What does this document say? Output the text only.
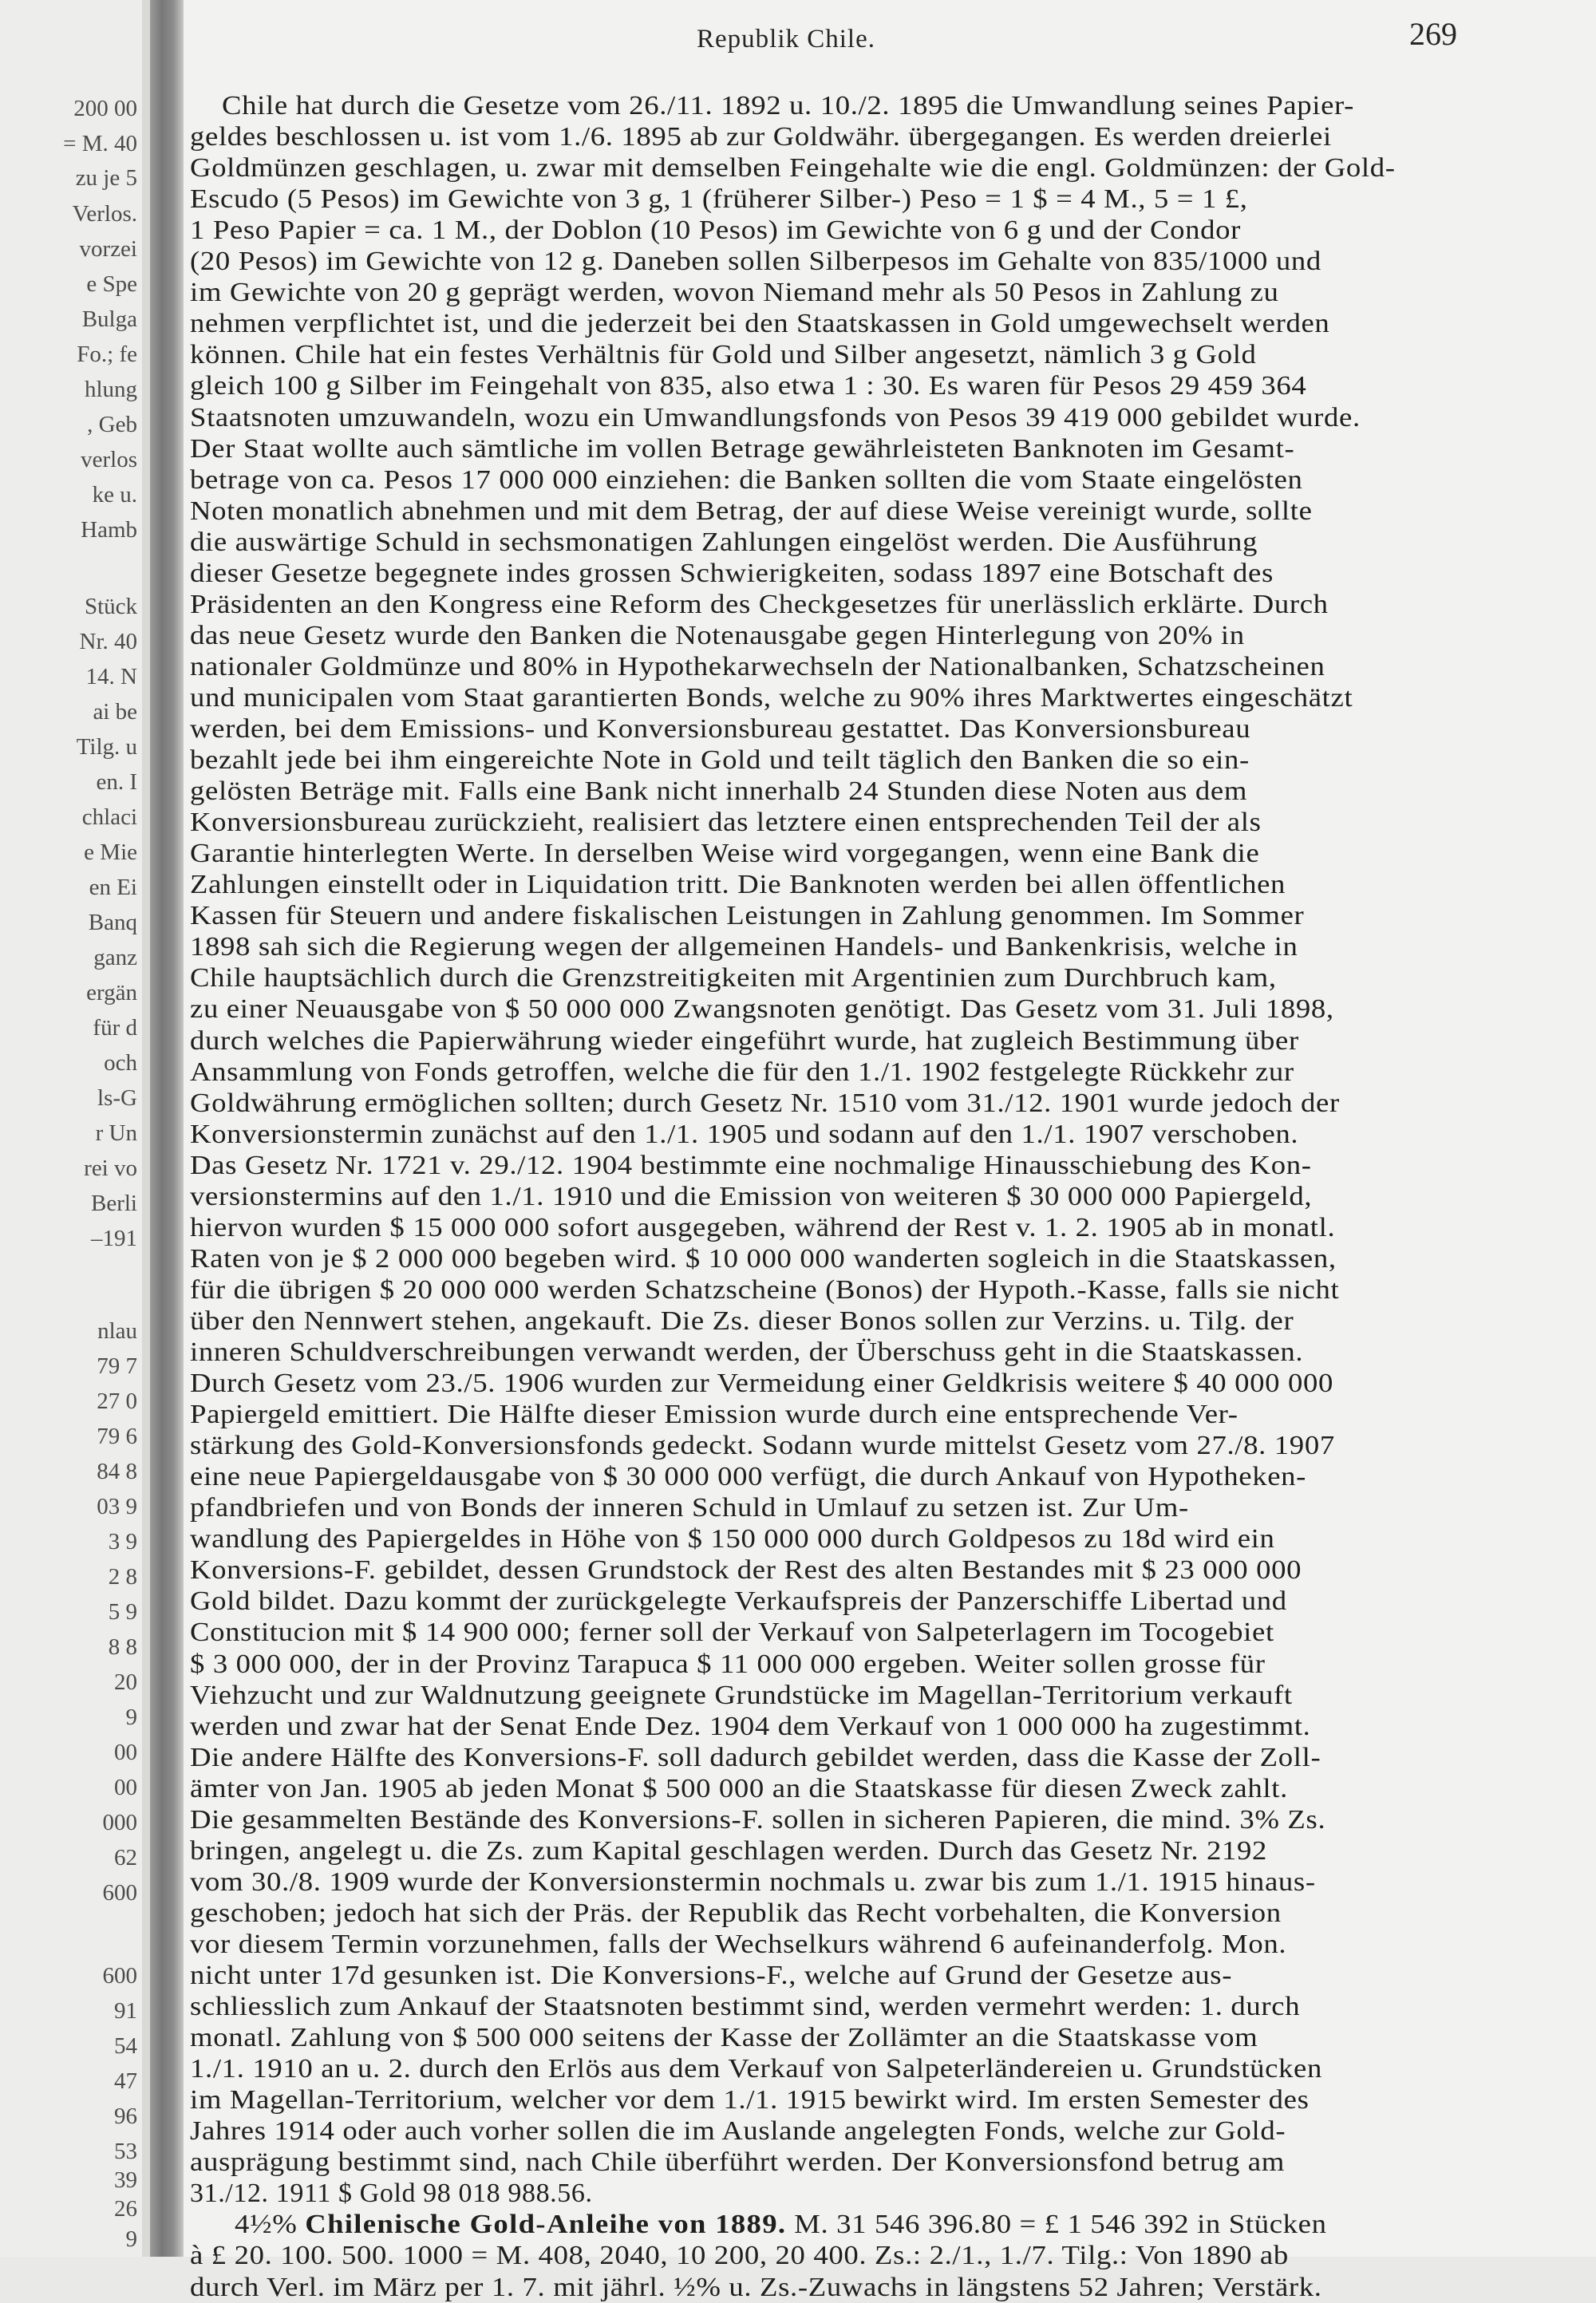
200 00
= M. 40
zu je 5
Verlos.
vorzei
e Spe
Bulga
Fo.; fe
hlung
, Geb
verlos
ke u.
Hamb
Stück
Nr. 40
14. N
ai be
Tilg. u
en. I
chlaci
e Mie
en Ei
Banq
ganz
ergän
für d
och
ls-G
r Un
rei vo
Berli
–191
nlau
79 7
27 0
79 6
84 8
03 9
3 9
2 8
5 9
8 8
20
9
00
00
000
62
600
600
91
54
47
96
53
39
26
9
Republik Chile.	269
Chile hat durch die Gesetze vom 26./11. 1892 u. 10./2. 1895 die Umwandlung seines Papier-
geldes beschlossen u. ist vom 1./6. 1895 ab zur Goldwähr. übergegangen. Es werden dreierlei
Goldmünzen geschlagen, u. zwar mit demselben Feingehalte wie die engl. Goldmünzen: der Gold-
Escudo (5 Pesos) im Gewichte von 3 g, 1 (früherer Silber-) Peso = 1 $ = 4 M., 5 = 1 £,
1 Peso Papier = ca. 1 M., der Doblon (10 Pesos) im Gewichte von 6 g und der Condor
(20 Pesos) im Gewichte von 12 g. Daneben sollen Silberpesos im Gehalte von 835/1000 und
im Gewichte von 20 g geprägt werden, wovon Niemand mehr als 50 Pesos in Zahlung zu
nehmen verpflichtet ist, und die jederzeit bei den Staatskassen in Gold umgewechselt werden
können. Chile hat ein festes Verhältnis für Gold und Silber angesetzt, nämlich 3 g Gold
gleich 100 g Silber im Feingehalt von 835, also etwa 1 : 30. Es waren für Pesos 29 459 364
Staatsnoten umzuwandeln, wozu ein Umwandlungsfonds von Pesos 39 419 000 gebildet wurde.
Der Staat wollte auch sämtliche im vollen Betrage gewährleisteten Banknoten im Gesamt-
betrage von ca. Pesos 17 000 000 einziehen: die Banken sollten die vom Staate eingelösten
Noten monatlich abnehmen und mit dem Betrag, der auf diese Weise vereinigt wurde, sollte
die auswärtige Schuld in sechsmonatigen Zahlungen eingelöst werden. Die Ausführung
dieser Gesetze begegnete indes grossen Schwierigkeiten, sodass 1897 eine Botschaft des
Präsidenten an den Kongress eine Reform des Checkgesetzes für unerlässlich erklärte. Durch
das neue Gesetz wurde den Banken die Notenausgabe gegen Hinterlegung von 20% in
nationaler Goldmünze und 80% in Hypothekarwechseln der Nationalbanken, Schatzscheinen
und municipalen vom Staat garantierten Bonds, welche zu 90% ihres Marktwertes eingeschätzt
werden, bei dem Emissions- und Konversionsbureau gestattet. Das Konversionsbureau
bezahlt jede bei ihm eingereichte Note in Gold und teilt täglich den Banken die so ein-
gelösten Beträge mit. Falls eine Bank nicht innerhalb 24 Stunden diese Noten aus dem
Konversionsbureau zurückzieht, realisiert das letztere einen entsprechenden Teil der als
Garantie hinterlegten Werte. In derselben Weise wird vorgegangen, wenn eine Bank die
Zahlungen einstellt oder in Liquidation tritt. Die Banknoten werden bei allen öffentlichen
Kassen für Steuern und andere fiskalischen Leistungen in Zahlung genommen. Im Sommer
1898 sah sich die Regierung wegen der allgemeinen Handels- und Bankenkrisis, welche in
Chile hauptsächlich durch die Grenzstreitigkeiten mit Argentinien zum Durchbruch kam,
zu einer Neuausgabe von $ 50 000 000 Zwangsnoten genötigt. Das Gesetz vom 31. Juli 1898,
durch welches die Papierwährung wieder eingeführt wurde, hat zugleich Bestimmung über
Ansammlung von Fonds getroffen, welche die für den 1./1. 1902 festgelegte Rückkehr zur
Goldwährung ermöglichen sollten; durch Gesetz Nr. 1510 vom 31./12. 1901 wurde jedoch der
Konversionstermin zunächst auf den 1./1. 1905 und sodann auf den 1./1. 1907 verschoben.
Das Gesetz Nr. 1721 v. 29./12. 1904 bestimmte eine nochmalige Hinausschiebung des Kon-
versionstermins auf den 1./1. 1910 und die Emission von weiteren $ 30 000 000 Papiergeld,
hiervon wurden $ 15 000 000 sofort ausgegeben, während der Rest v. 1. 2. 1905 ab in monatl.
Raten von je $ 2 000 000 begeben wird. $ 10 000 000 wanderten sogleich in die Staatskassen,
für die übrigen $ 20 000 000 werden Schatzscheine (Bonos) der Hypoth.-Kasse, falls sie nicht
über den Nennwert stehen, angekauft. Die Zs. dieser Bonos sollen zur Verzins. u. Tilg. der
inneren Schuldverschreibungen verwandt werden, der Überschuss geht in die Staatskassen.
Durch Gesetz vom 23./5. 1906 wurden zur Vermeidung einer Geldkrisis weitere $ 40 000 000
Papiergeld emittiert. Die Hälfte dieser Emission wurde durch eine entsprechende Ver-
stärkung des Gold-Konversionsfonds gedeckt. Sodann wurde mittelst Gesetz vom 27./8. 1907
eine neue Papiergeldausgabe von $ 30 000 000 verfügt, die durch Ankauf von Hypotheken-
pfandbriefen und von Bonds der inneren Schuld in Umlauf zu setzen ist. Zur Um-
wandlung des Papiergeldes in Höhe von $ 150 000 000 durch Goldpesos zu 18d wird ein
Konversions-F. gebildet, dessen Grundstock der Rest des alten Bestandes mit $ 23 000 000
Gold bildet. Dazu kommt der zurückgelegte Verkaufspreis der Panzerschiffe Libertad und
Constitucion mit $ 14 900 000; ferner soll der Verkauf von Salpeterlagern im Tocogebiet
$ 3 000 000, der in der Provinz Tarapuca $ 11 000 000 ergeben. Weiter sollen grosse für
Viehzucht und zur Waldnutzung geeignete Grundstücke im Magellan-Territorium verkauft
werden und zwar hat der Senat Ende Dez. 1904 dem Verkauf von 1 000 000 ha zugestimmt.
Die andere Hälfte des Konversions-F. soll dadurch gebildet werden, dass die Kasse der Zoll-
ämter von Jan. 1905 ab jeden Monat $ 500 000 an die Staatskasse für diesen Zweck zahlt.
Die gesammelten Bestände des Konversions-F. sollen in sicheren Papieren, die mind. 3% Zs.
bringen, angelegt u. die Zs. zum Kapital geschlagen werden. Durch das Gesetz Nr. 2192
vom 30./8. 1909 wurde der Konversionstermin nochmals u. zwar bis zum 1./1. 1915 hinaus-
geschoben; jedoch hat sich der Präs. der Republik das Recht vorbehalten, die Konversion
vor diesem Termin vorzunehmen, falls der Wechselkurs während 6 aufeinanderfolg. Mon.
nicht unter 17d gesunken ist. Die Konversions-F., welche auf Grund der Gesetze aus-
schliesslich zum Ankauf der Staatsnoten bestimmt sind, werden vermehrt werden: 1. durch
monatl. Zahlung von $ 500 000 seitens der Kasse der Zollämter an die Staatskasse vom
1./1. 1910 an u. 2. durch den Erlös aus dem Verkauf von Salpeterländereien u. Grundstücken
im Magellan-Territorium, welcher vor dem 1./1. 1915 bewirkt wird. Im ersten Semester des
Jahres 1914 oder auch vorher sollen die im Auslande angelegten Fonds, welche zur Gold-
ausprägung bestimmt sind, nach Chile überführt werden. Der Konversionsfond betrug am
31./12. 1911 $ Gold 98 018 988.56.
4½% Chilenische Gold-Anleihe von 1889. M. 31 546 396.80 = £ 1 546 392 in Stücken
à £ 20. 100. 500. 1000 = M. 408, 2040, 10 200, 20 400. Zs.: 2./1., 1./7. Tilg.: Von 1890 ab
durch Verl. im März per 1. 7. mit jährl. ½% u. Zs.-Zuwachs in längstens 52 Jahren; Verstärk.
